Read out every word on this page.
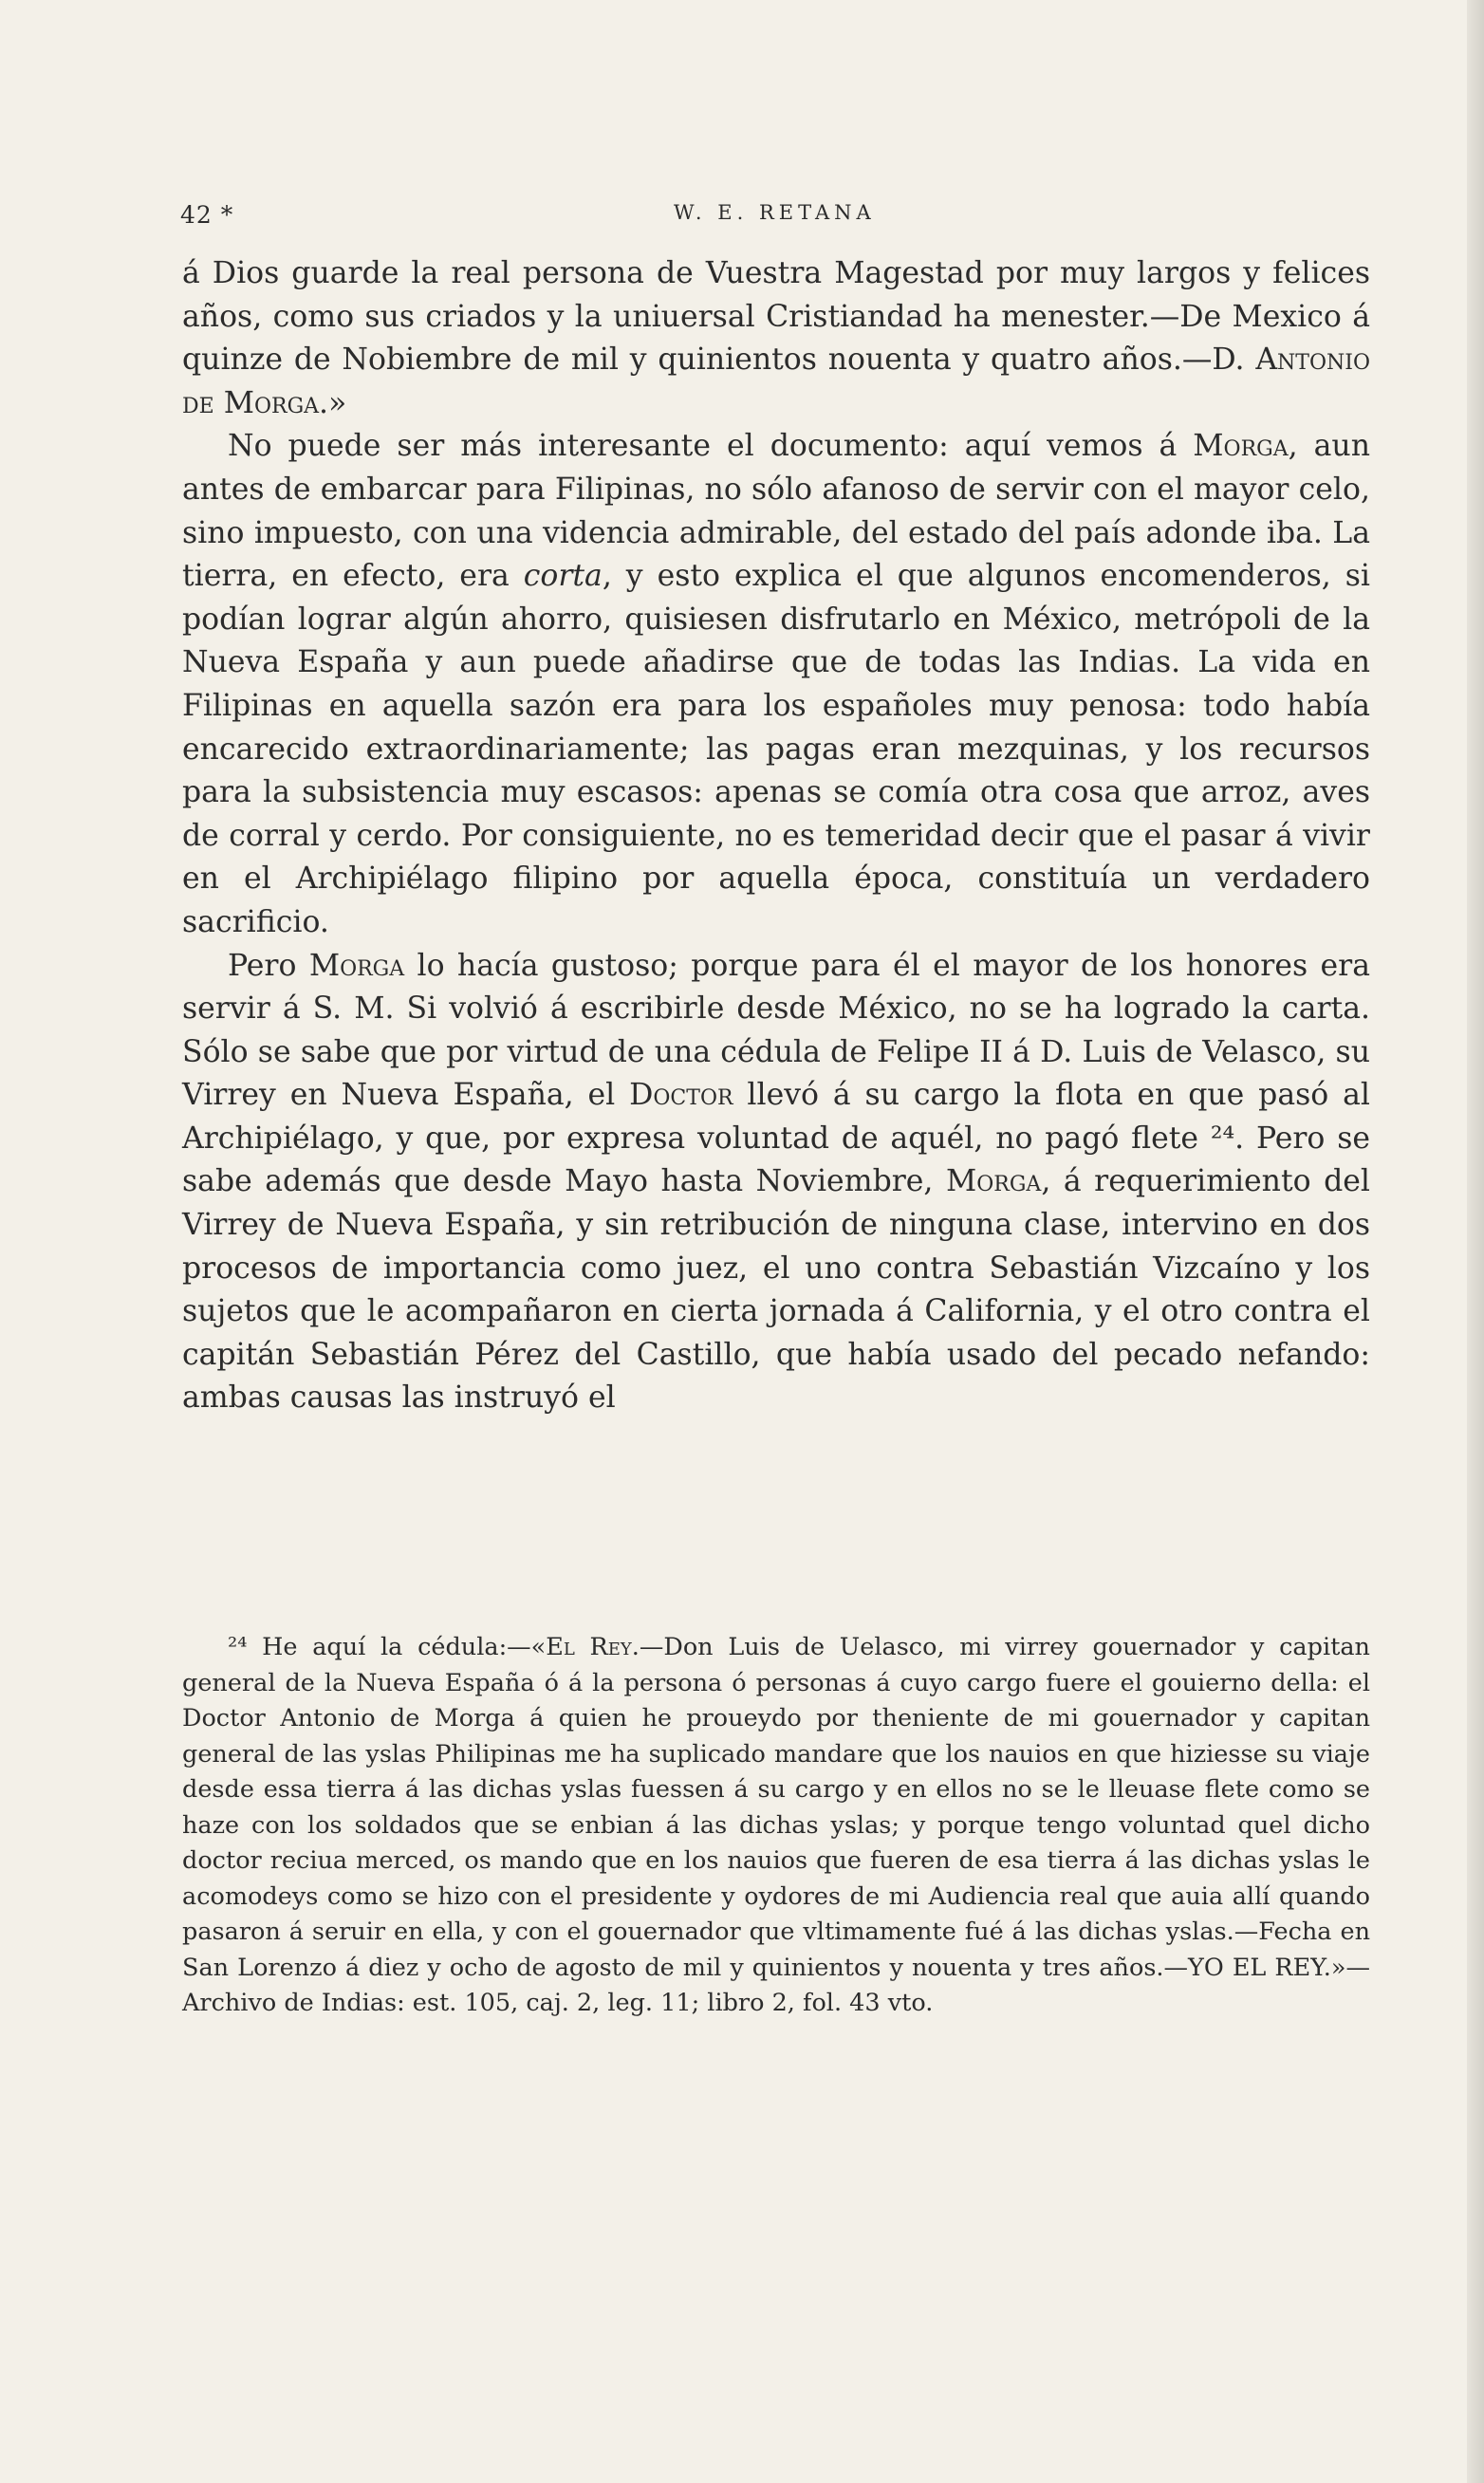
42 *	W. E. RETANA

á Dios guarde la real persona de Vuestra Magestad por muy largos y felices años, como sus criados y la uniuersal Cristiandad ha menester.—De Mexico á quinze de Nobiembre de mil y quinientos nouenta y quatro años.—D. Antonio de Morga.»

No puede ser más interesante el documento: aquí vemos á Morga, aun antes de embarcar para Filipinas, no sólo afanoso de servir con el mayor celo, sino impuesto, con una videncia admirable, del estado del país adonde iba. La tierra, en efecto, era corta, y esto explica el que algunos encomenderos, si podían lograr algún ahorro, quisiesen disfrutarlo en México, metrópoli de la Nueva España y aun puede añadirse que de todas las Indias. La vida en Filipinas en aquella sazón era para los españoles muy penosa: todo había encarecido extraordinariamente; las pagas eran mezquinas, y los recursos para la subsistencia muy escasos: apenas se comía otra cosa que arroz, aves de corral y cerdo. Por consiguiente, no es temeridad decir que el pasar á vivir en el Archipiélago filipino por aquella época, constituía un verdadero sacrificio.

Pero Morga lo hacía gustoso; porque para él el mayor de los honores era servir á S. M. Si volvió á escribirle desde México, no se ha logrado la carta. Sólo se sabe que por virtud de una cédula de Felipe II á D. Luis de Velasco, su Virrey en Nueva España, el Doctor llevó á su cargo la flota en que pasó al Archipiélago, y que, por expresa voluntad de aquél, no pagó flete ²⁴. Pero se sabe además que desde Mayo hasta Noviembre, Morga, á requerimiento del Virrey de Nueva España, y sin retribución de ninguna clase, intervino en dos procesos de importancia como juez, el uno contra Sebastián Vizcaíno y los sujetos que le acompañaron en cierta jornada á California, y el otro contra el capitán Sebastián Pérez del Castillo, que había usado del pecado nefando: ambas causas las instruyó el

²⁴ He aquí la cédula:—«El Rey.—Don Luis de Uelasco, mi virrey gouernador y capitan general de la Nueva España ó á la persona ó personas á cuyo cargo fuere el gouierno della: el Doctor Antonio de Morga á quien he proueydo por theniente de mi gouernador y capitan general de las yslas Philipinas me ha suplicado mandare que los nauios en que hiziesse su viaje desde essa tierra á las dichas yslas fuessen á su cargo y en ellos no se le lleuase flete como se haze con los soldados que se enbian á las dichas yslas; y porque tengo voluntad quel dicho doctor reciua merced, os mando que en los nauios que fueren de esa tierra á las dichas yslas le acomodeys como se hizo con el presidente y oydores de mi Audiencia real que auia allí quando pasaron á seruir en ella, y con el gouernador que vltimamente fué á las dichas yslas.—Fecha en San Lorenzo á diez y ocho de agosto de mil y quinientos y nouenta y tres años.—YO EL REY.»—Archivo de Indias: est. 105, caj. 2, leg. 11; libro 2, fol. 43 vto.
